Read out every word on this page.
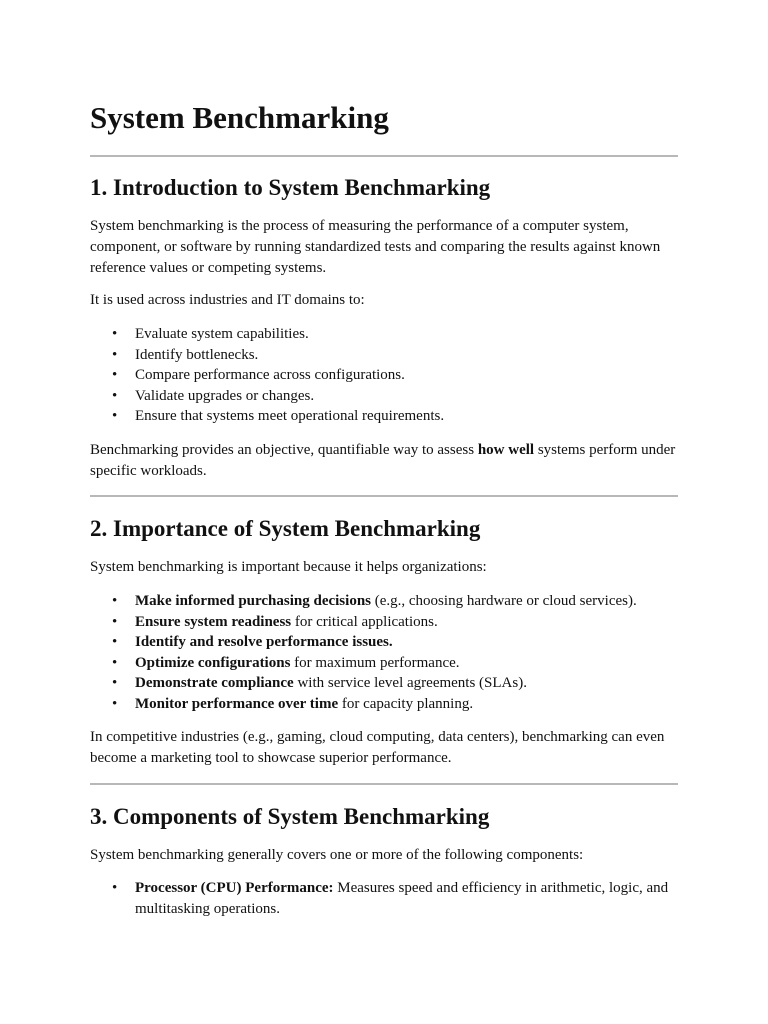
System Benchmarking
1. Introduction to System Benchmarking

System benchmarking is the process of measuring the performance of a computer system, component, or software by running standardized tests and comparing the results against known reference values or competing systems.

It is used across industries and IT domains to:

• Evaluate system capabilities.
• Identify bottlenecks.
• Compare performance across configurations.
• Validate upgrades or changes.
• Ensure that systems meet operational requirements.

Benchmarking provides an objective, quantifiable way to assess how well systems perform under specific workloads.

2. Importance of System Benchmarking

System benchmarking is important because it helps organizations:

• Make informed purchasing decisions (e.g., choosing hardware or cloud services).
• Ensure system readiness for critical applications.
• Identify and resolve performance issues.
• Optimize configurations for maximum performance.
• Demonstrate compliance with service level agreements (SLAs).
• Monitor performance over time for capacity planning.

In competitive industries (e.g., gaming, cloud computing, data centers), benchmarking can even become a marketing tool to showcase superior performance.

3. Components of System Benchmarking

System benchmarking generally covers one or more of the following components:

• Processor (CPU) Performance: Measures speed and efficiency in arithmetic, logic, and multitasking operations.
